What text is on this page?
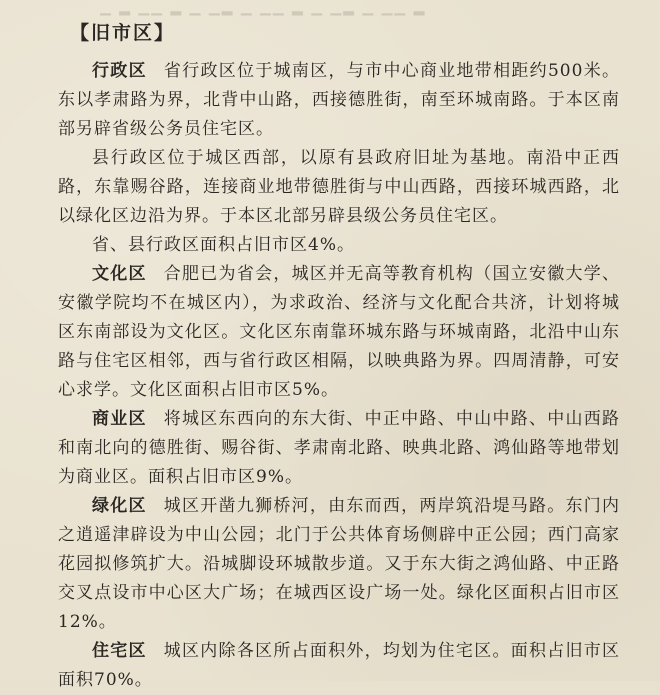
▁ ▂ ▁▁ ▂ ▁ ▁▂ ▁ ▁▁ ▂ ▁ ▁▂ ▁ ▁▁ ▂
【旧市区】

行政区 省行政区位于城南区，与市中心商业地带相距约500米。东以孝肃路为界，北背中山路，西接德胜街，南至环城南路。于本区南部另辟省级公务员住宅区。

县行政区位于城区西部，以原有县政府旧址为基地。南沿中正西路，东靠赐谷路，连接商业地带德胜街与中山西路，西接环城西路，北以绿化区边沿为界。于本区北部另辟县级公务员住宅区。

省、县行政区面积占旧市区4%。

文化区 合肥已为省会，城区并无高等教育机构（国立安徽大学、安徽学院均不在城区内），为求政治、经济与文化配合共济，计划将城区东南部设为文化区。文化区东南靠环城东路与环城南路，北沿中山东路与住宅区相邻，西与省行政区相隔，以映典路为界。四周清静，可安心求学。文化区面积占旧市区5%。

商业区 将城区东西向的东大街、中正中路、中山中路、中山西路和南北向的德胜街、赐谷街、孝肃南北路、映典北路、鸿仙路等地带划为商业区。面积占旧市区9%。

绿化区 城区开凿九狮桥河，由东而西，两岸筑沿堤马路。东门内之逍遥津辟设为中山公园；北门于公共体育场侧辟中正公园；西门高家花园拟修筑扩大。沿城脚设环城散步道。又于东大街之鸿仙路、中正路交叉点设市中心区大广场；在城西区设广场一处。绿化区面积占旧市区12%。

住宅区 城区内除各区所占面积外，均划为住宅区。面积占旧市区面积70%。
